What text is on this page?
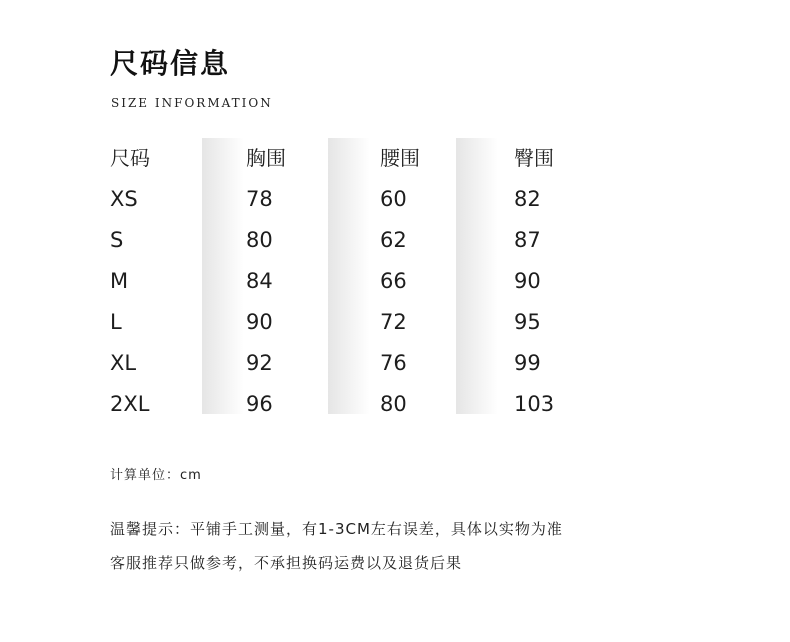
尺码信息
SIZE INFORMATION
尺码
XS
S
M
L
XL
2XL
胸围
78
80
84
90
92
96
腰围
60
62
66
72
76
80
臀围
82
87
90
95
99
103
计算单位：cm
温馨提示：平铺手工测量，有1-3CM左右误差，具体以实物为准
客服推荐只做参考，不承担换码运费以及退货后果
